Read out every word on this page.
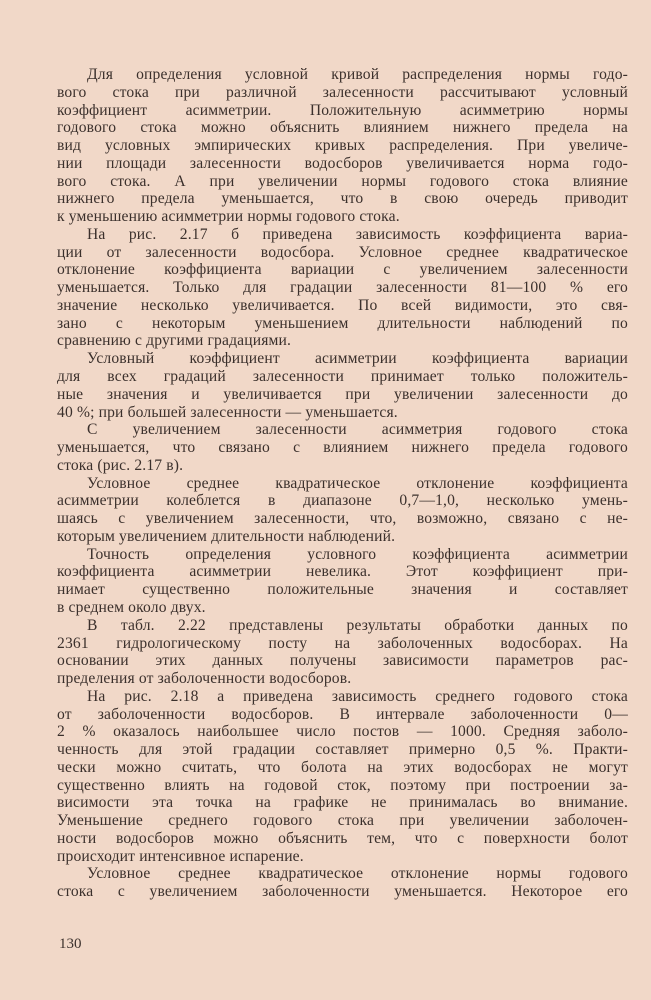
Для определения условной кривой распределения нормы годо-
вого стока при различной залесенности рассчитывают условный
коэффициент асимметрии. Положительную асимметрию нормы
годового стока можно объяснить влиянием нижнего предела на
вид условных эмпирических кривых распределения. При увеличе-
нии площади залесенности водосборов увеличивается норма годо-
вого стока. А при увеличении нормы годового стока влияние
нижнего предела уменьшается, что в свою очередь приводит
к уменьшению асимметрии нормы годового стока.
На рис. 2.17 б приведена зависимость коэффициента вариа-
ции от залесенности водосбора. Условное среднее квадратическое
отклонение коэффициента вариации с увеличением залесенности
уменьшается. Только для градации залесенности 81—100 % его
значение несколько увеличивается. По всей видимости, это свя-
зано с некоторым уменьшением длительности наблюдений по
сравнению с другими градациями.
Условный коэффициент асимметрии коэффициента вариации
для всех градаций залесенности принимает только положитель-
ные значения и увеличивается при увеличении залесенности до
40 %; при большей залесенности — уменьшается.
С увеличением залесенности асимметрия годового стока
уменьшается, что связано с влиянием нижнего предела годового
стока (рис. 2.17 в).
Условное среднее квадратическое отклонение коэффициента
асимметрии колеблется в диапазоне 0,7—1,0, несколько умень-
шаясь с увеличением залесенности, что, возможно, связано с не-
которым увеличением длительности наблюдений.
Точность определения условного коэффициента асимметрии
коэффициента асимметрии невелика. Этот коэффициент при-
нимает существенно положительные значения и составляет
в среднем около двух.
В табл. 2.22 представлены результаты обработки данных по
2361 гидрологическому посту на заболоченных водосборах. На
основании этих данных получены зависимости параметров рас-
пределения от заболоченности водосборов.
На рис. 2.18 а приведена зависимость среднего годового стока
от заболоченности водосборов. В интервале заболоченности 0—
2 % оказалось наибольшее число постов — 1000. Средняя заболо-
ченность для этой градации составляет примерно 0,5 %. Практи-
чески можно считать, что болота на этих водосборах не могут
существенно влиять на годовой сток, поэтому при построении за-
висимости эта точка на графике не принималась во внимание.
Уменьшение среднего годового стока при увеличении заболочен-
ности водосборов можно объяснить тем, что с поверхности болот
происходит интенсивное испарение.
Условное среднее квадратическое отклонение нормы годового
стока с увеличением заболоченности уменьшается. Некоторое его
130
